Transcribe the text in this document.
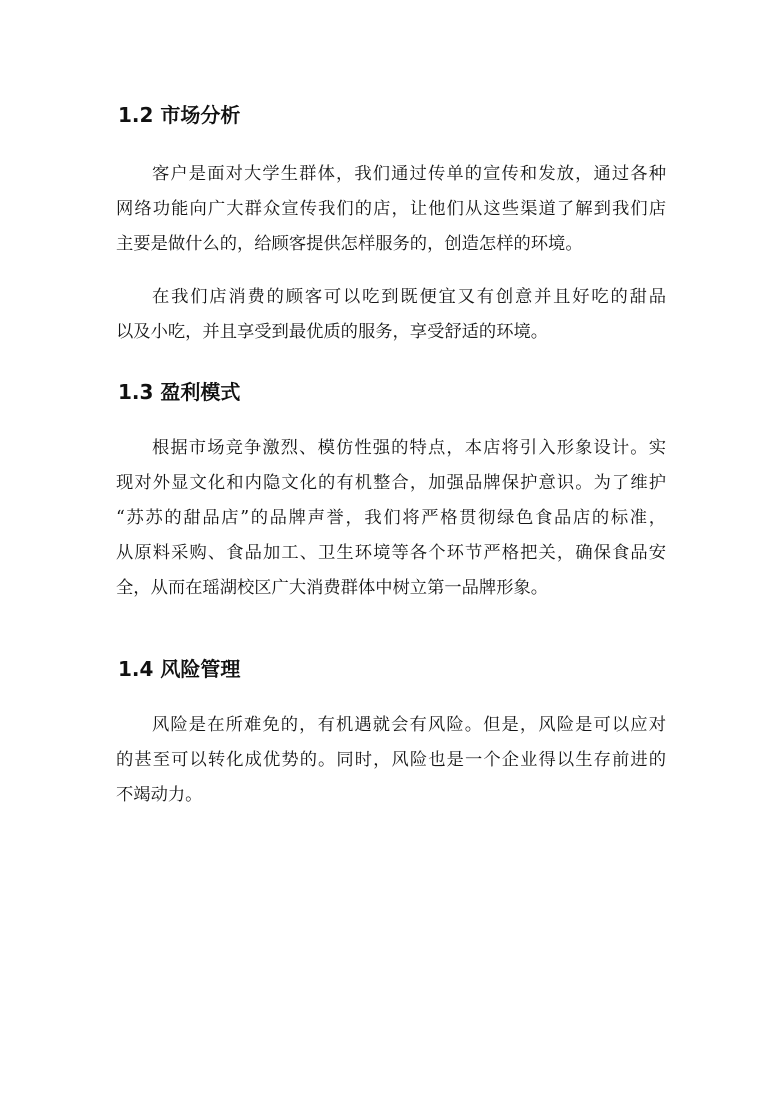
1.2 市场分析

客户是面对大学生群体，我们通过传单的宣传和发放，通过各种
网络功能向广大群众宣传我们的店，让他们从这些渠道了解到我们店
主要是做什么的，给顾客提供怎样服务的，创造怎样的环境。

在我们店消费的顾客可以吃到既便宜又有创意并且好吃的甜品
以及小吃，并且享受到最优质的服务，享受舒适的环境。

1.3 盈利模式

根据市场竞争激烈、模仿性强的特点，本店将引入形象设计。实
现对外显文化和内隐文化的有机整合，加强品牌保护意识。为了维护
“苏苏的甜品店”的品牌声誉，我们将严格贯彻绿色食品店的标准，
从原料采购、食品加工、卫生环境等各个环节严格把关，确保食品安
全，从而在瑶湖校区广大消费群体中树立第一品牌形象。

1.4 风险管理

风险是在所难免的，有机遇就会有风险。但是，风险是可以应对
的甚至可以转化成优势的。同时，风险也是一个企业得以生存前进的
不竭动力。
